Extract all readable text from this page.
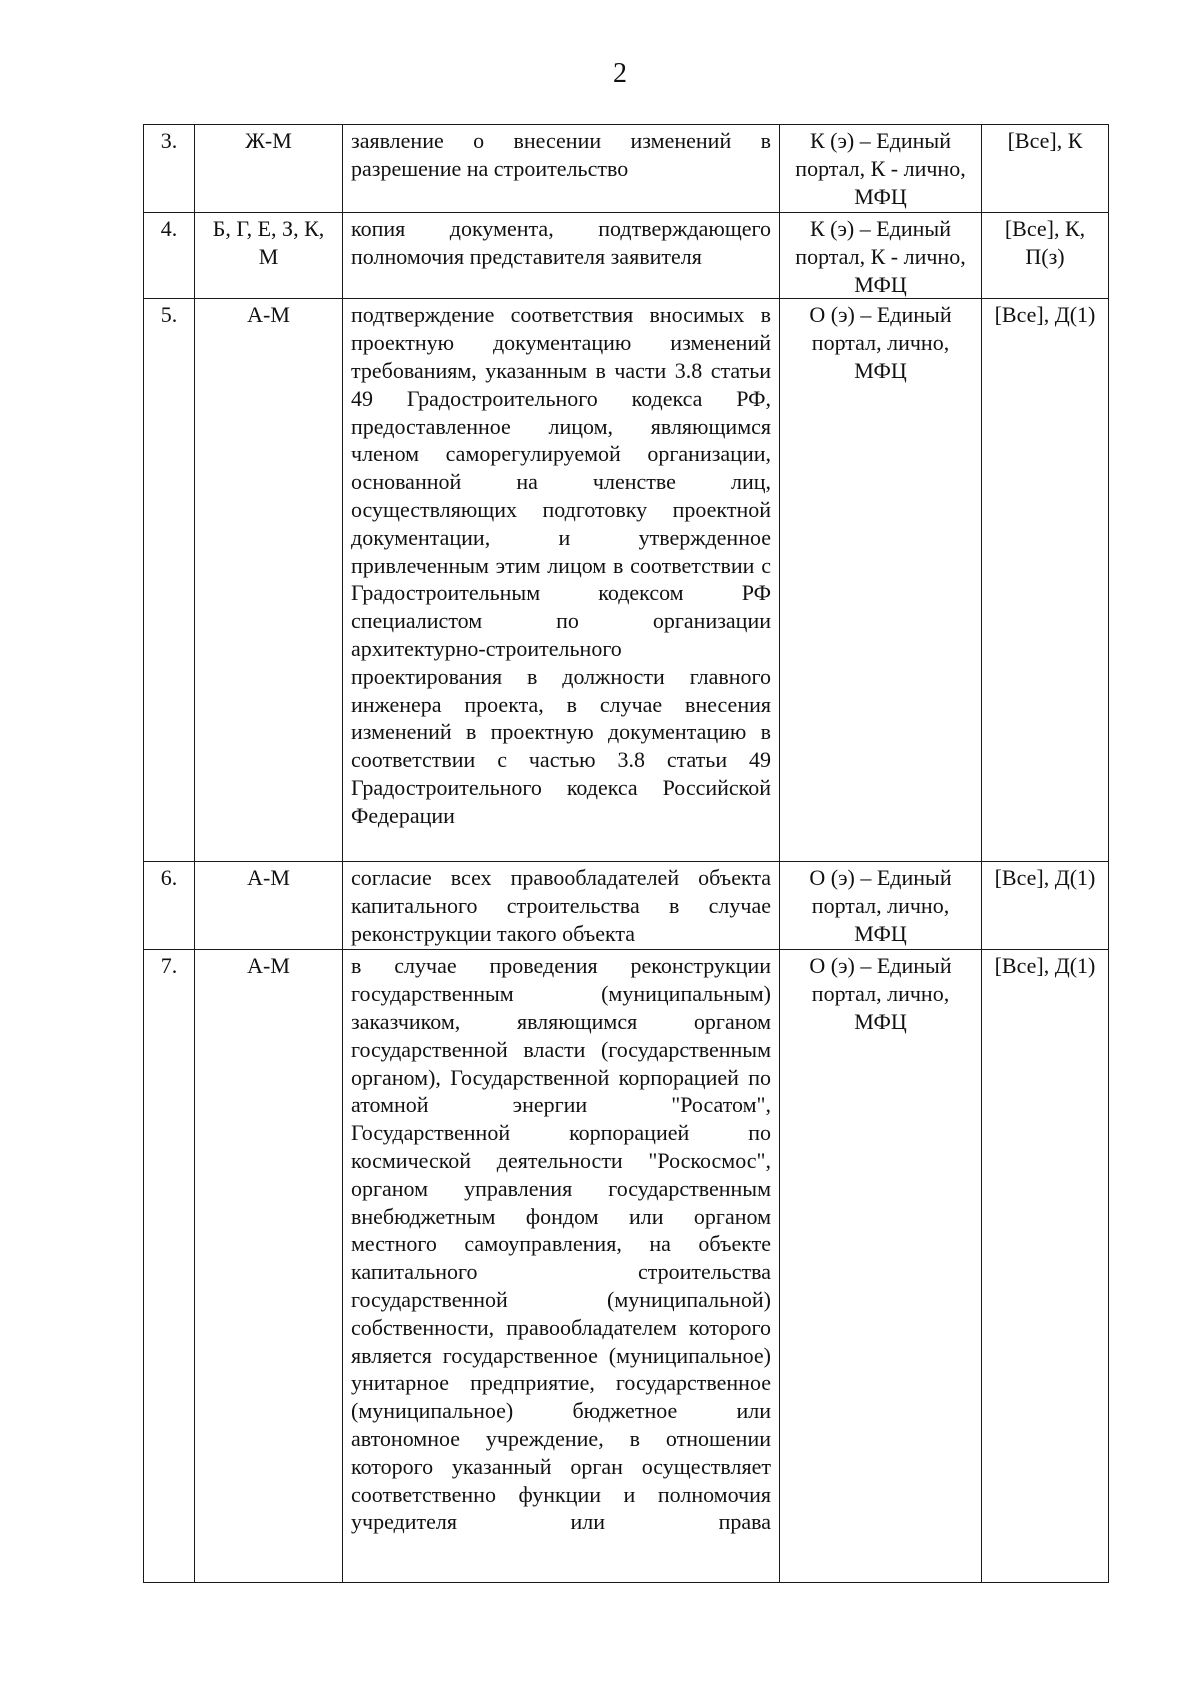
2
3.	Ж-М	заявление о внесении изменений в разрешение на строительство	К (э) – Единый портал, К - лично, МФЦ	[Все], К
4.	Б, Г, Е, З, К, М	копия документа, подтверждающего полномочия представителя заявителя	К (э) – Единый портал, К - лично, МФЦ	[Все], К, П(з)
5.	А-М	подтверждение соответствия вносимых в проектную документацию изменений требованиям, указанным в части 3.8 статьи 49 Градостроительного кодекса РФ, предоставленное лицом, являющимся членом саморегулируемой организации, основанной на членстве лиц, осуществляющих подготовку проектной документации, и утвержденное привлеченным этим лицом в соответствии с Градостроительным кодексом РФ специалистом по организации архитектурно-строительного проектирования в должности главного инженера проекта, в случае внесения изменений в проектную документацию в соответствии с частью 3.8 статьи 49 Градостроительного кодекса Российской Федерации	О (э) – Единый портал, лично, МФЦ	[Все], Д(1)
6.	А-М	согласие всех правообладателей объекта капитального строительства в случае реконструкции такого объекта	О (э) – Единый портал, лично, МФЦ	[Все], Д(1)
7.	А-М	в случае проведения реконструкции государственным (муниципальным) заказчиком, являющимся органом государственной власти (государственным органом), Государственной корпорацией по атомной энергии "Росатом", Государственной корпорацией по космической деятельности "Роскосмос", органом управления государственным внебюджетным фондом или органом местного самоуправления, на объекте капитального строительства государственной (муниципальной) собственности, правообладателем которого является государственное (муниципальное) унитарное предприятие, государственное (муниципальное) бюджетное или автономное учреждение, в отношении которого указанный орган осуществляет соответственно функции и полномочия учредителя или права	О (э) – Единый портал, лично, МФЦ	[Все], Д(1)
